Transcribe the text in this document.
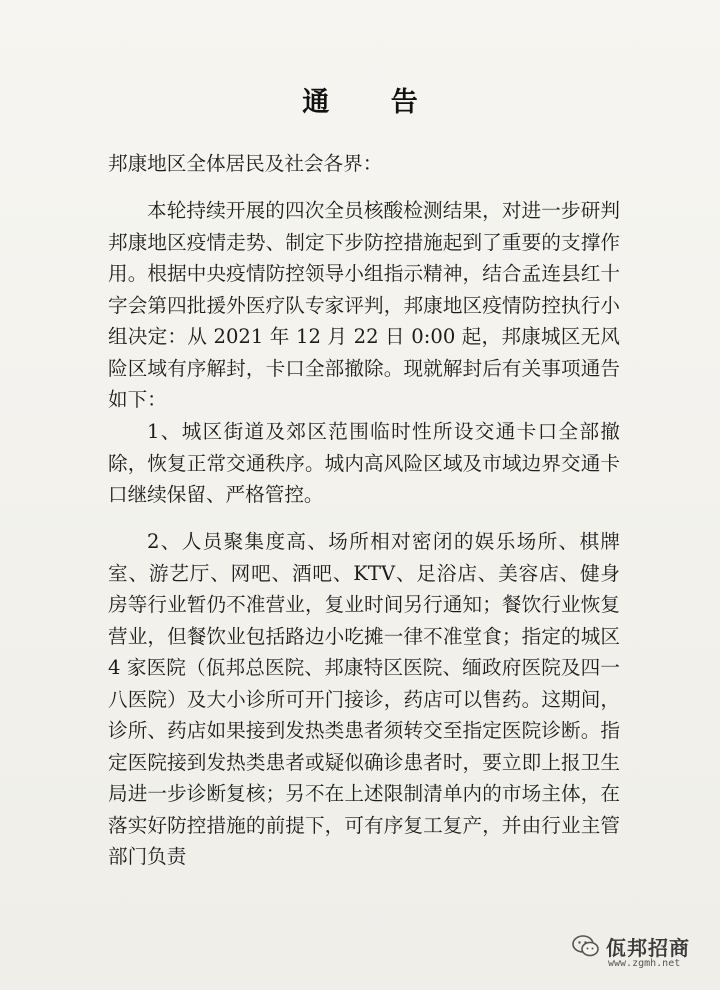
通 告
邦康地区全体居民及社会各界：

本轮持续开展的四次全员核酸检测结果，对进一步研判邦康地区疫情走势、制定下步防控措施起到了重要的支撑作用。根据中央疫情防控领导小组指示精神，结合孟连县红十字会第四批援外医疗队专家评判，邦康地区疫情防控执行小组决定：从 2021 年 12 月 22 日 0:00 起，邦康城区无风险区域有序解封，卡口全部撤除。现就解封后有关事项通告如下：

1、城区街道及郊区范围临时性所设交通卡口全部撤除，恢复正常交通秩序。城内高风险区域及市域边界交通卡口继续保留、严格管控。

2、人员聚集度高、场所相对密闭的娱乐场所、棋牌室、游艺厅、网吧、酒吧、KTV、足浴店、美容店、健身房等行业暂仍不准营业，复业时间另行通知；餐饮行业恢复营业，但餐饮业包括路边小吃摊一律不准堂食；指定的城区 4 家医院（佤邦总医院、邦康特区医院、缅政府医院及四一八医院）及大小诊所可开门接诊，药店可以售药。这期间，诊所、药店如果接到发热类患者须转交至指定医院诊断。指定医院接到发热类患者或疑似确诊患者时，要立即上报卫生局进一步诊断复核；另不在上述限制清单内的市场主体，在落实好防控措施的前提下，可有序复工复产，并由行业主管部门负责

佤邦招商
www.zgmh.net
